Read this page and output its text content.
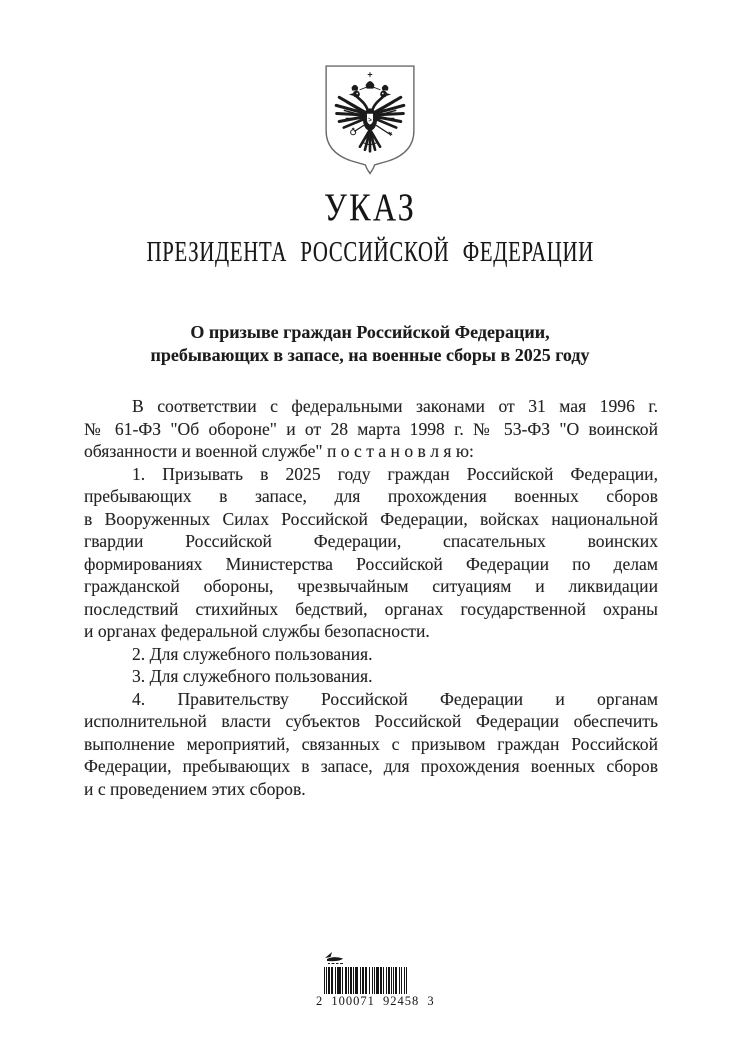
УКАЗ
ПРЕЗИДЕНТА РОССИЙСКОЙ ФЕДЕРАЦИИ
О призыве граждан Российской Федерации,
пребывающих в запасе, на военные сборы в 2025 году
В соответствии с федеральными законами от 31 мая 1996 г.
№ 61-ФЗ "Об обороне" и от 28 марта 1998 г. № 53-ФЗ "О воинской
обязанности и военной службе" п о с т а н о в л я ю:
1. Призывать в 2025 году граждан Российской Федерации,
пребывающих в запасе, для прохождения военных сборов
в Вооруженных Силах Российской Федерации, войсках национальной
гвардии Российской Федерации, спасательных воинских
формированиях Министерства Российской Федерации по делам
гражданской обороны, чрезвычайным ситуациям и ликвидации
последствий стихийных бедствий, органах государственной охраны
и органах федеральной службы безопасности.
2. Для служебного пользования.
3. Для служебного пользования.
4. Правительству Российской Федерации и органам
исполнительной власти субъектов Российской Федерации обеспечить
выполнение мероприятий, связанных с призывом граждан Российской
Федерации, пребывающих в запасе, для прохождения военных сборов
и с проведением этих сборов.
2 100071 92458 3
